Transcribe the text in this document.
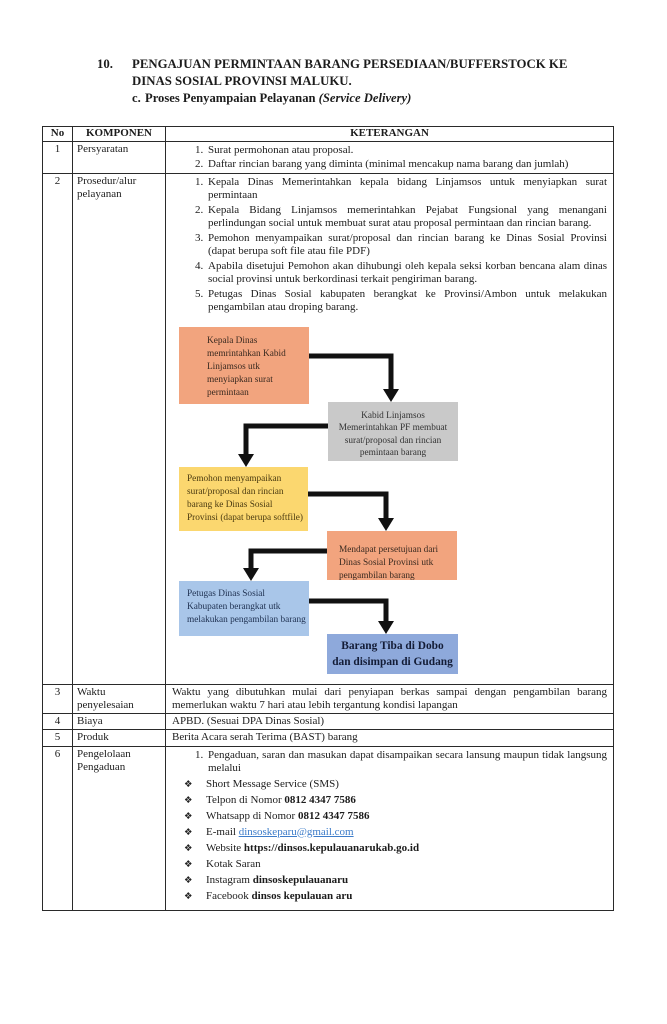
10.	PENGAJUAN PERMINTAAN BARANG PERSEDIAAN/BUFFERSTOCK KE
DINAS SOSIAL PROVINSI MALUKU.
c. Proses Penyampaian Pelayanan (Service Delivery)
No	KOMPONEN	KETERANGAN
1	Persyaratan	
1.Surat permohonan atau proposal.
2. Daftar rincian barang yang diminta (minimal mencakup nama barang dan jumlah)

2	Prosedur/alur pelayanan	
1. Kepala Dinas Memerintahkan kepala bidang Linjamsos untuk menyiapkan surat permintaan
2. Kepala Bidang Linjamsos memerintahkan Pejabat Fungsional yang menangani perlindungan social untuk membuat surat atau proposal permintaan dan rincian barang.
3. Pemohon menyampaikan surat/proposal dan rincian barang ke Dinas Sosial Provinsi (dapat berupa soft file atau file PDF)
4. Apabila disetujui Pemohon akan dihubungi oleh kepala seksi korban bencana alam dinas social provinsi untuk berkordinasi terkait pengiriman barang.
5. Petugas Dinas Sosial kabupaten berangkat ke Provinsi/Ambon untuk melakukan pengambilan atau droping barang.
Kepala Dinas memrintahkan Kabid Linjamsos utk menyiapkan surat permintaan
Kabid Linjamsos Memerintahkan PF membuat surat/proposal dan rincian pemintaan barang
Pemohon menyampaikan surat/proposal dan rincian barang ke Dinas Sosial Provinsi (dapat berupa softfile)
Mendapat persetujuan dari Dinas Sosial Provinsi utk pengambilan barang
Petugas Dinas Sosial Kabupaten berangkat utk melakukan pengambilan barang
Barang Tiba di Dobo dan disimpan di Gudang

3	Waktu penyelesaian	Waktu yang dibutuhkan mulai dari penyiapan berkas sampai dengan pengambilan barang memerlukan waktu 7 hari atau lebih tergantung kondisi lapangan
4	Biaya	APBD. (Sesuai DPA Dinas Sosial)
5	Produk	Berita Acara serah Terima (BAST) barang
6	Pengelolaan Pengaduan	
1. Pengaduan, saran dan masukan dapat disampaikan secara lansung maupun tidak langsung melalui
❖	Short Message Service (SMS)
❖	Telpon di Nomor 0812 4347 7586
❖	Whatsapp di Nomor 0812 4347 7586
❖	E-mail dinsoskeparu@gmail.com
❖	Website https://dinsos.kepulauanarukab.go.id
❖	Kotak Saran
❖	Instagram dinsoskepulauanaru
❖	Facebook dinsos kepulauan aru
